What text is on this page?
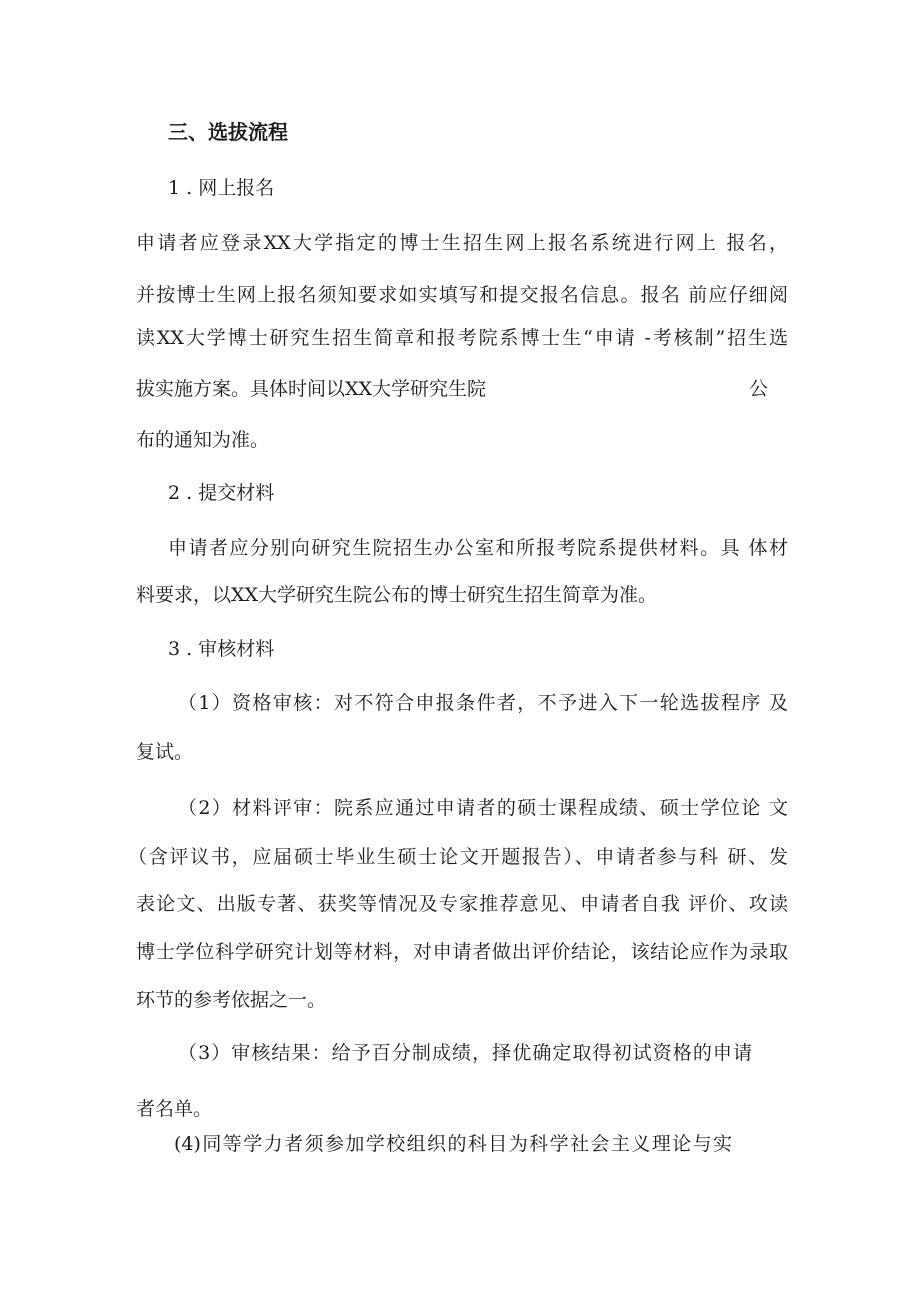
三、选拔流程
1 . 网上报名
申请者应登录XX大学指定的博士生招生网上报名系统进行网上 报名，
并按博士生网上报名须知要求如实填写和提交报名信息。报名 前应仔细阅
读XX大学博士研究生招生简章和报考院系博士生“申请 -考核制”招生选
拔实施方案。具体时间以XX大学研究生院	公
布的通知为准。
2 . 提交材料
申请者应分别向研究生院招生办公室和所报考院系提供材料。具 体材
料要求，以XX大学研究生院公布的博士研究生招生简章为准。
3 . 审核材料
（1）资格审核：对不符合申报条件者，不予进入下一轮选拔程序 及
复试。
（2）材料评审：院系应通过申请者的硕士课程成绩、硕士学位论 文
（含评议书，应届硕士毕业生硕士论文开题报告）、申请者参与科 研、发
表论文、出版专著、获奖等情况及专家推荐意见、申请者自我 评价、攻读
博士学位科学研究计划等材料，对申请者做出评价结论，该结论应作为录取
环节的参考依据之一。
（3）审核结果：给予百分制成绩，择优确定取得初试资格的申请
者名单。
(4)同等学力者须参加学校组织的科目为科学社会主义理论与实
